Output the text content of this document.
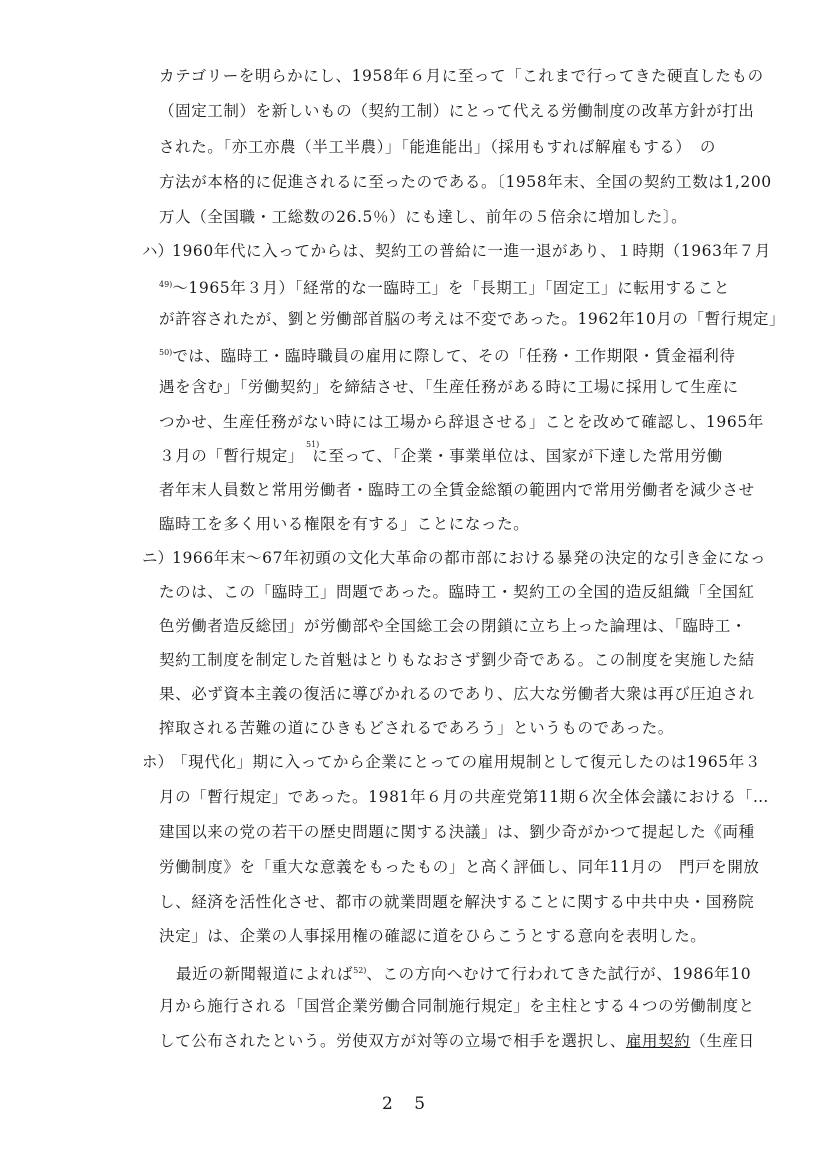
カテゴリーを明らかにし、1958年６月に至って「これまで行ってきた硬直したもの
（固定工制）を新しいもの（契約工制）にとって代える労働制度の改革方針が打出
された。「亦工亦農（半工半農）」「能進能出」（採用もすれば解雇もする）　の
方法が本格的に促進されるに至ったのである。〔1958年末、全国の契約工数は1,200
万人（全国職・工総数の26.5％）にも達し、前年の５倍余に増加した〕。
ハ）
1960年代に入ってからは、契約工の普給に一進一退があり、１時期（1963年７月
$^{49)}$～1965年３月）「経常的な一臨時工」を「長期工」「固定工」に転用すること
が許容されたが、劉と労働部首脳の考えは不変であった。1962年10月の「暫行規定」
$^{50)}$では、臨時工・臨時職員の雇用に際して、その「任務・工作期限・賃金福利待
遇を含む」「労働契約」を締結させ、「生産任務がある時に工場に採用して生産に
つかせ、生産任務がない時には工場から辞退させる」ことを改めて確認し、1965年
３月の「暫行規定」　に至って、「企業・事業単位は、国家が下達した常用労働
者年末人員数と常用労働者・臨時工の全賃金総額の範囲内で常用労働者を減少させ
臨時工を多く用いる権限を有する」ことになった。
51)
ニ）
1966年末～67年初頭の文化大革命の都市部における暴発の決定的な引き金になっ
たのは、この「臨時工」問題であった。臨時工・契約工の全国的造反組織「全国紅
色労働者造反総団」が労働部や全国総工会の閉鎖に立ち上った論理は、「臨時工・
契約工制度を制定した首魁はとりもなおさず劉少奇である。この制度を実施した結
果、必ず資本主義の復活に導びかれるのであり、広大な労働者大衆は再び圧迫され
搾取される苦難の道にひきもどされるであろう」というものであった。
ホ）
「現代化」期に入ってから企業にとっての雇用規制として復元したのは1965年３
月の「暫行規定」であった。1981年６月の共産党第11期６次全体会議における「…
建国以来の党の若干の歴史問題に関する決議」は、劉少奇がかつて提起した《両種
労働制度》を「重大な意義をもったもの」と高く評価し、同年11月の　門戸を開放
し、経済を活性化させ、都市の就業問題を解決することに関する中共中央・国務院
決定」は、企業の人事採用権の確認に道をひらこうとする意向を表明した。
最近の新聞報道によれば$^{52)}$、この方向へむけて行われてきた試行が、1986年10
月から施行される「国営企業労働合同制施行規定」を主柱とする４つの労働制度と
して公布されたという。労使双方が対等の立場で相手を選択し、雇用契約（生産日
2 5
